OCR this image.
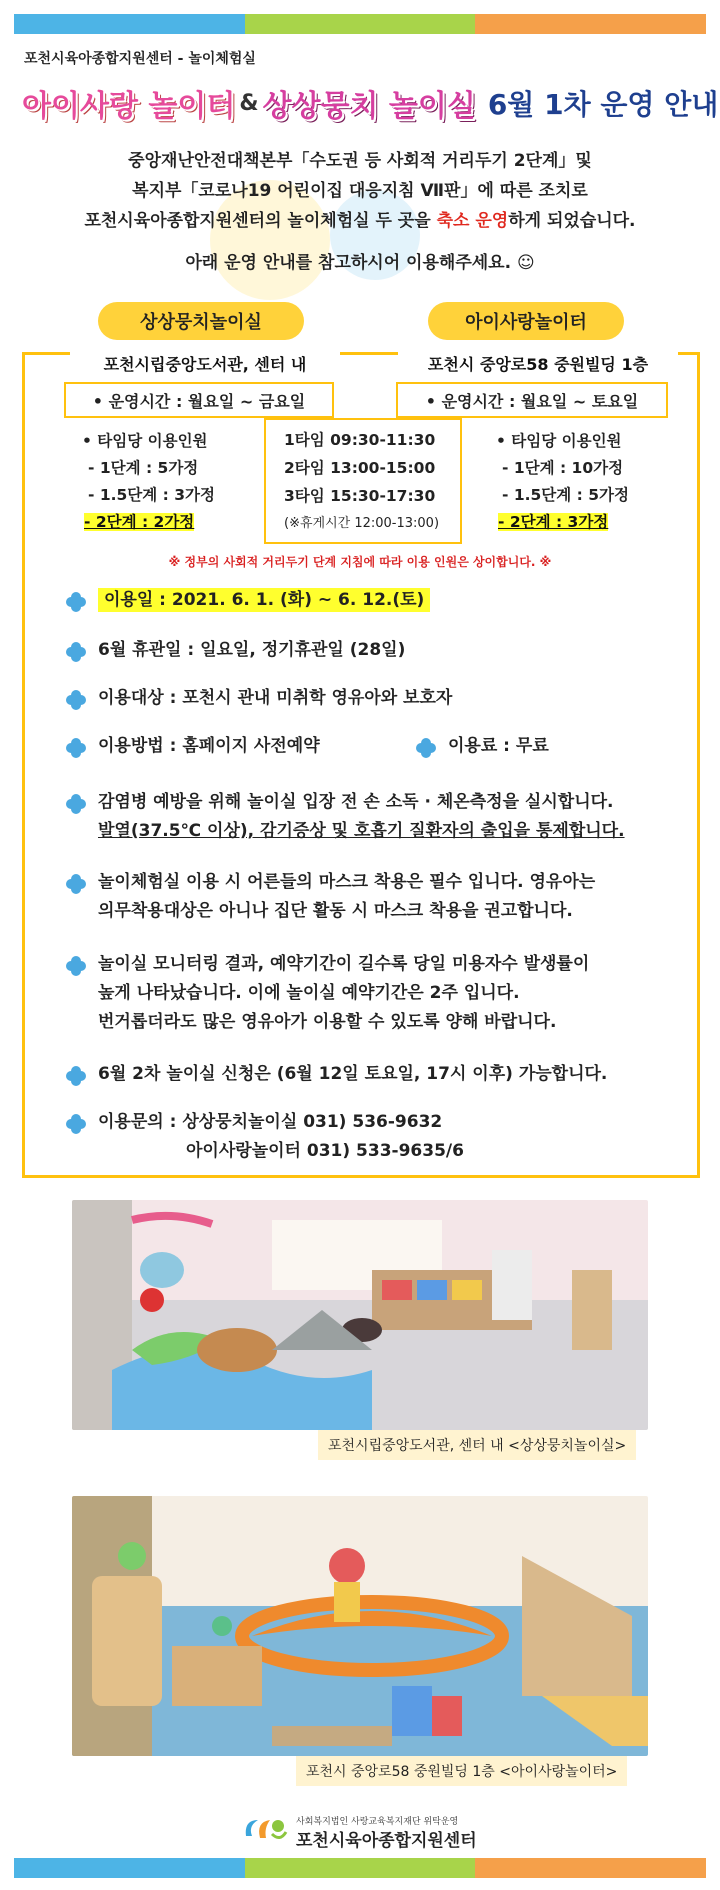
포천시육아종합지원센터 - 놀이체험실
아이사랑 놀이터 & 상상뭉치 놀이실 6월 1차 운영 안내
중앙재난안전대책본부「수도권 등 사회적 거리두기 2단계」및
복지부「코로나19 어린이집 대응지침 Ⅶ판」에 따른 조치로
포천시육아종합지원센터의 놀이체험실 두 곳을 축소 운영하게 되었습니다.
아래 운영 안내를 참고하시어 이용해주세요. ☺
상상뭉치놀이실	아이사랑놀이터
포천시립중앙도서관, 센터 내	포천시 중앙로58 중원빌딩 1층
• 운영시간 : 월요일 ~ 금요일	• 운영시간 : 월요일 ~ 토요일
• 타임당 이용인원
- 1단계 : 5가정
- 1.5단계 : 3가정
- 2단계 : 2가정
1타임 09:30-11:30
2타임 13:00-15:00
3타임 15:30-17:30
(※휴게시간 12:00-13:00)
• 타임당 이용인원
- 1단계 : 10가정
- 1.5단계 : 5가정
- 2단계 : 3가정
※ 정부의 사회적 거리두기 단계 지침에 따라 이용 인원은 상이합니다. ※
이용일 : 2021. 6. 1. (화) ~ 6. 12.(토)
6월 휴관일 : 일요일, 정기휴관일 (28일)
이용대상 : 포천시 관내 미취학 영유아와 보호자
이용방법 : 홈페이지 사전예약	이용료 : 무료
감염병 예방을 위해 놀이실 입장 전 손 소독 · 체온측정을 실시합니다.
발열(37.5℃ 이상), 감기증상 및 호흡기 질환자의 출입을 통제합니다.
놀이체험실 이용 시 어른들의 마스크 착용은 필수 입니다. 영유아는
의무착용대상은 아니나 집단 활동 시 마스크 착용을 권고합니다.
놀이실 모니터링 결과, 예약기간이 길수록 당일 미용자수 발생률이
높게 나타났습니다. 이에 놀이실 예약기간은 2주 입니다.
번거롭더라도 많은 영유아가 이용할 수 있도록 양해 바랍니다.
6월 2차 놀이실 신청은 (6월 12일 토요일, 17시 이후) 가능합니다.
이용문의 : 상상뭉치놀이실 031) 536-9632
아이사랑놀이터 031) 533-9635/6
포천시립중앙도서관, 센터 내 <상상뭉치놀이실>
포천시 중앙로58 중원빌딩 1층 <아이사랑놀이터>
사회복지법인 사랑교육복지재단 위탁운영
포천시육아종합지원센터
